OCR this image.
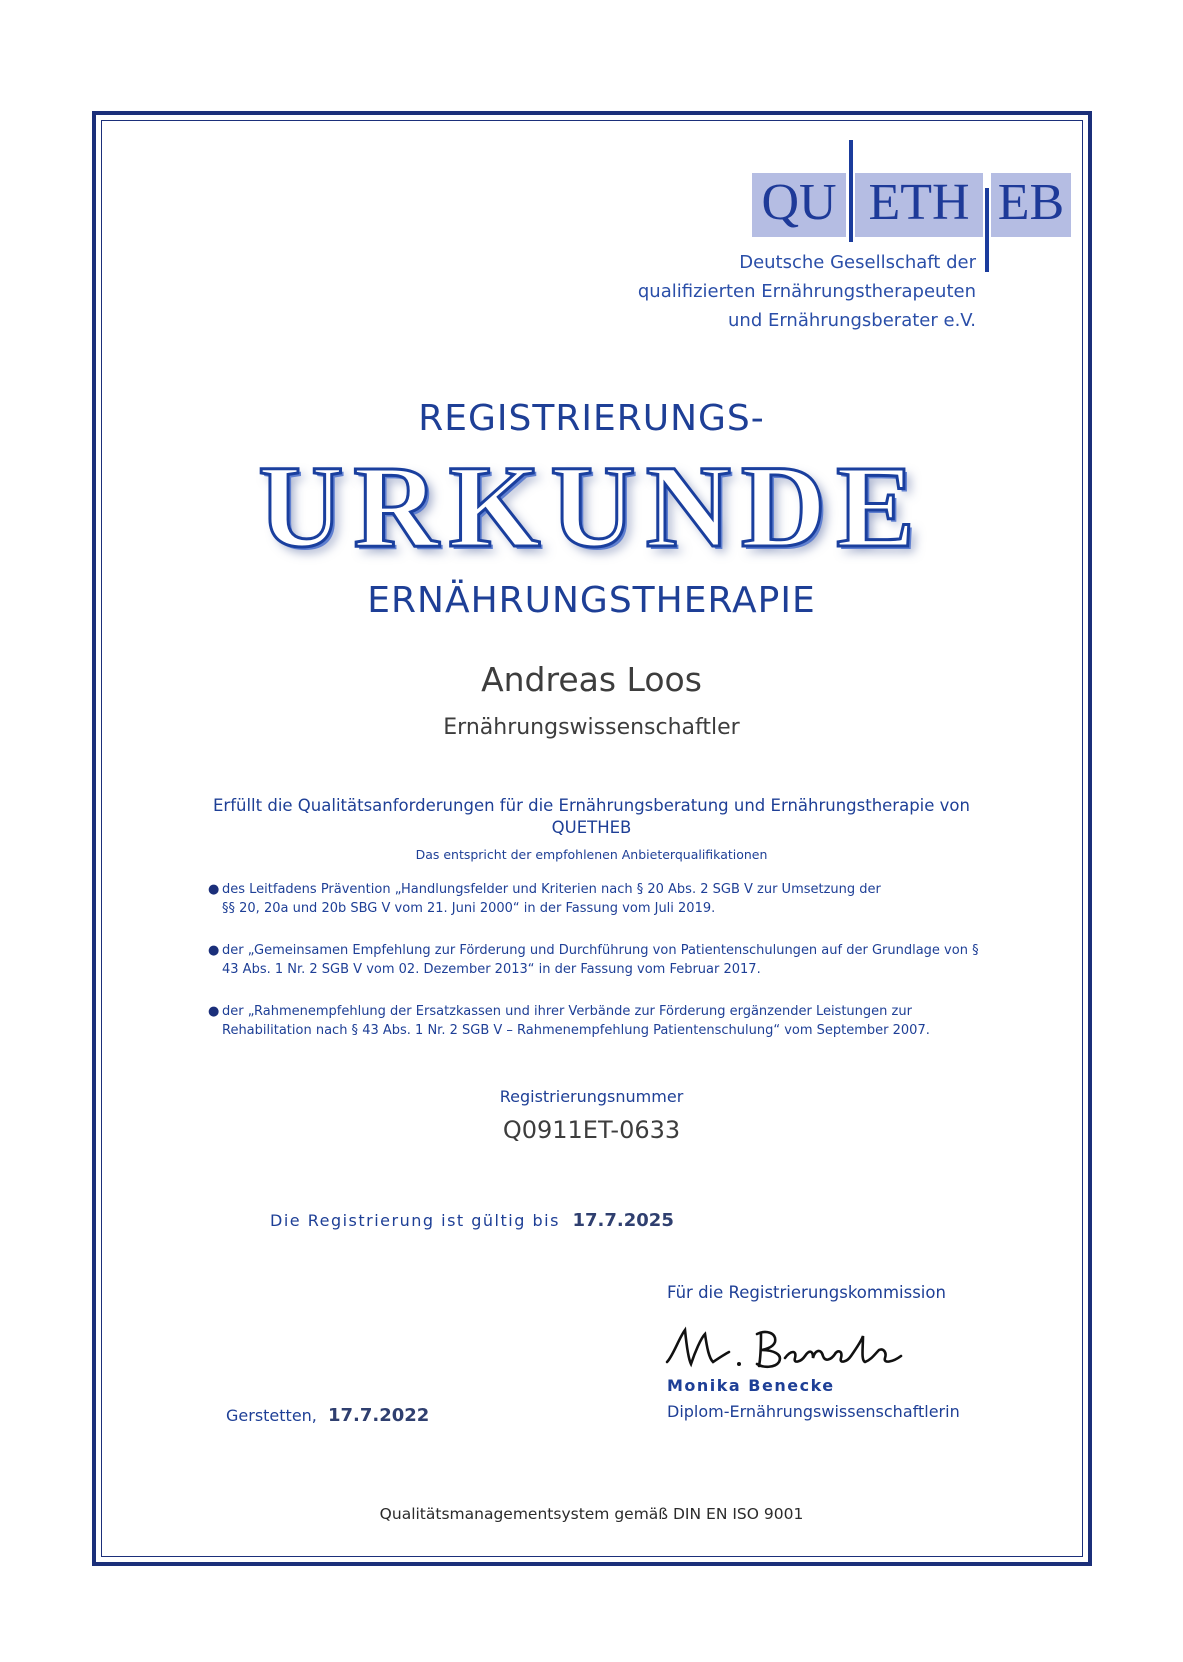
QU ETH EB
Deutsche Gesellschaft der
qualifizierten Ernährungstherapeuten
und Ernährungsberater e.V.
REGISTRIERUNGS-
URKUNDE
ERNÄHRUNGSTHERAPIE
Andreas Loos
Ernährungswissenschaftler
Erfüllt die Qualitätsanforderungen für die Ernährungsberatung und Ernährungstherapie von
QUETHEB
Das entspricht der empfohlenen Anbieterqualifikationen
● des Leitfadens Prävention „Handlungsfelder und Kriterien nach § 20 Abs. 2 SGB V zur Umsetzung der
§§ 20, 20a und 20b SBG V vom 21. Juni 2000“ in der Fassung vom Juli 2019.
● der „Gemeinsamen Empfehlung zur Förderung und Durchführung von Patientenschulungen auf der Grundlage von §
43 Abs. 1 Nr. 2 SGB V vom 02. Dezember 2013“ in der Fassung vom Februar 2017.
● der „Rahmenempfehlung der Ersatzkassen und ihrer Verbände zur Förderung ergänzender Leistungen zur
Rehabilitation nach § 43 Abs. 1 Nr. 2 SGB V – Rahmenempfehlung Patientenschulung“ vom September 2007.
Registrierungsnummer
Q0911ET-0633
Die Registrierung ist gültig bis 17.7.2025
Für die Registrierungskommission
Monika Benecke
Diplom-Ernährungswissenschaftlerin
Gerstetten, 17.7.2022
Qualitätsmanagementsystem gemäß DIN EN ISO 9001
